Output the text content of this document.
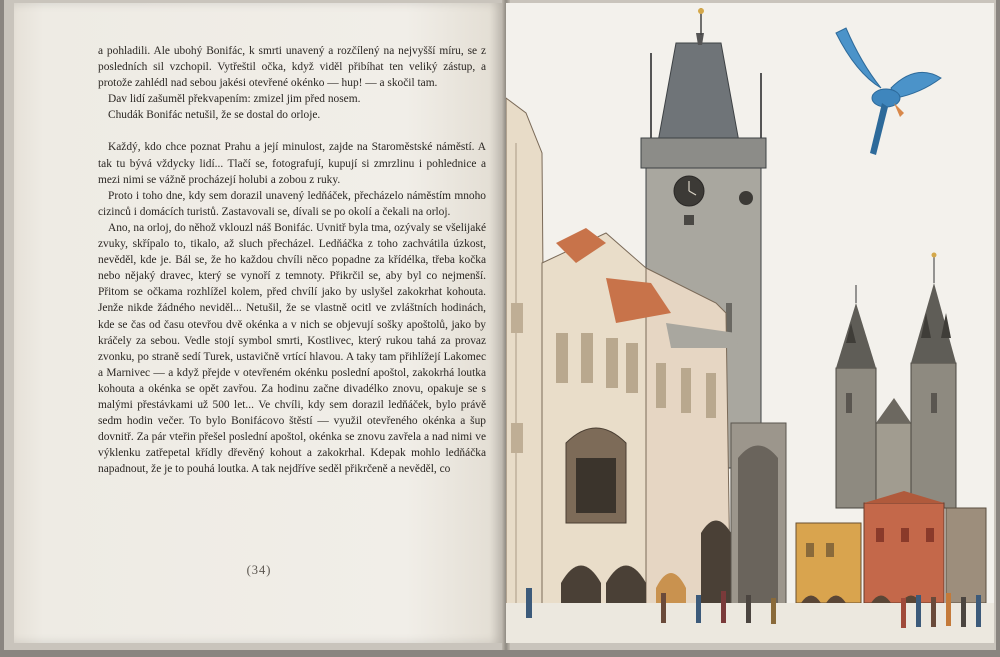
a pohladili. Ale ubohý Bonifác, k smrti unavený a rozčílený na nejvyšší míru, se z posledních sil vzchopil. Vytřeštil očka, když viděl přibíhat ten veliký zástup, a protože zahlédl nad sebou jakési otevřené okénko — hup! — a skočil tam.

Dav lidí zašuměl překvapením: zmizel jim před nosem.

Chudák Bonifác netušil, že se dostal do orloje.

Každý, kdo chce poznat Prahu a její minulost, zajde na Staroměstské náměstí. A tak tu bývá vždycky lidí... Tlačí se, fotografují, kupují si zmrzlinu i pohlednice a mezi nimi se vážně procházejí holubi a zobou z ruky.

Proto i toho dne, kdy sem dorazil unavený ledňáček, přecházelo náměstím mnoho cizinců i domácích turistů. Zastavovali se, dívali se po okolí a čekali na orloj.

Ano, na orloj, do něhož vklouzl náš Bonifác. Uvnitř byla tma, ozývaly se všelijaké zvuky, skřípalo to, tikalo, až sluch přecházel. Ledňáčka z toho zachvátila úzkost, nevěděl, kde je. Bál se, že ho každou chvíli něco popadne za křídélka, třeba kočka nebo nějaký dravec, který se vynoří z temnoty. Přikrčil se, aby byl co nejmenší. Přitom se očkama rozhlížel kolem, před chvílí jako by uslyšel zakokrhat kohouta. Jenže nikde žádného neviděl... Netušil, že se vlastně ocitl ve zvláštních hodinách, kde se čas od času otevřou dvě okénka a v nich se objevují sošky apoštolů, jako by kráčely za sebou. Vedle stojí symbol smrti, Kostlivec, který rukou tahá za provaz zvonku, po straně sedí Turek, ustavičně vrtící hlavou. A taky tam přihlížejí Lakomec a Marnivec — a když přejde v otevřeném okénku poslední apoštol, zakokrhá loutka kohouta a okénka se opět zavřou. Za hodinu začne divadélko znovu, opakuje se s malými přestávkami už 500 let... Ve chvíli, kdy sem dorazil ledňáček, bylo právě sedm hodin večer. To bylo Bonifácovo štěstí — využil otevřeného okénka a šup dovnitř. Za pár vteřin přešel poslední apoštol, okénka se znovu zavřela a nad nimi ve výklenku zatřepetal křídly dřevěný kohout a zakokrhal. Kdepak mohlo ledňáčka napadnout, že je to pouhá loutka. A tak nejdříve seděl přikrčeně a nevěděl, co

(34)
